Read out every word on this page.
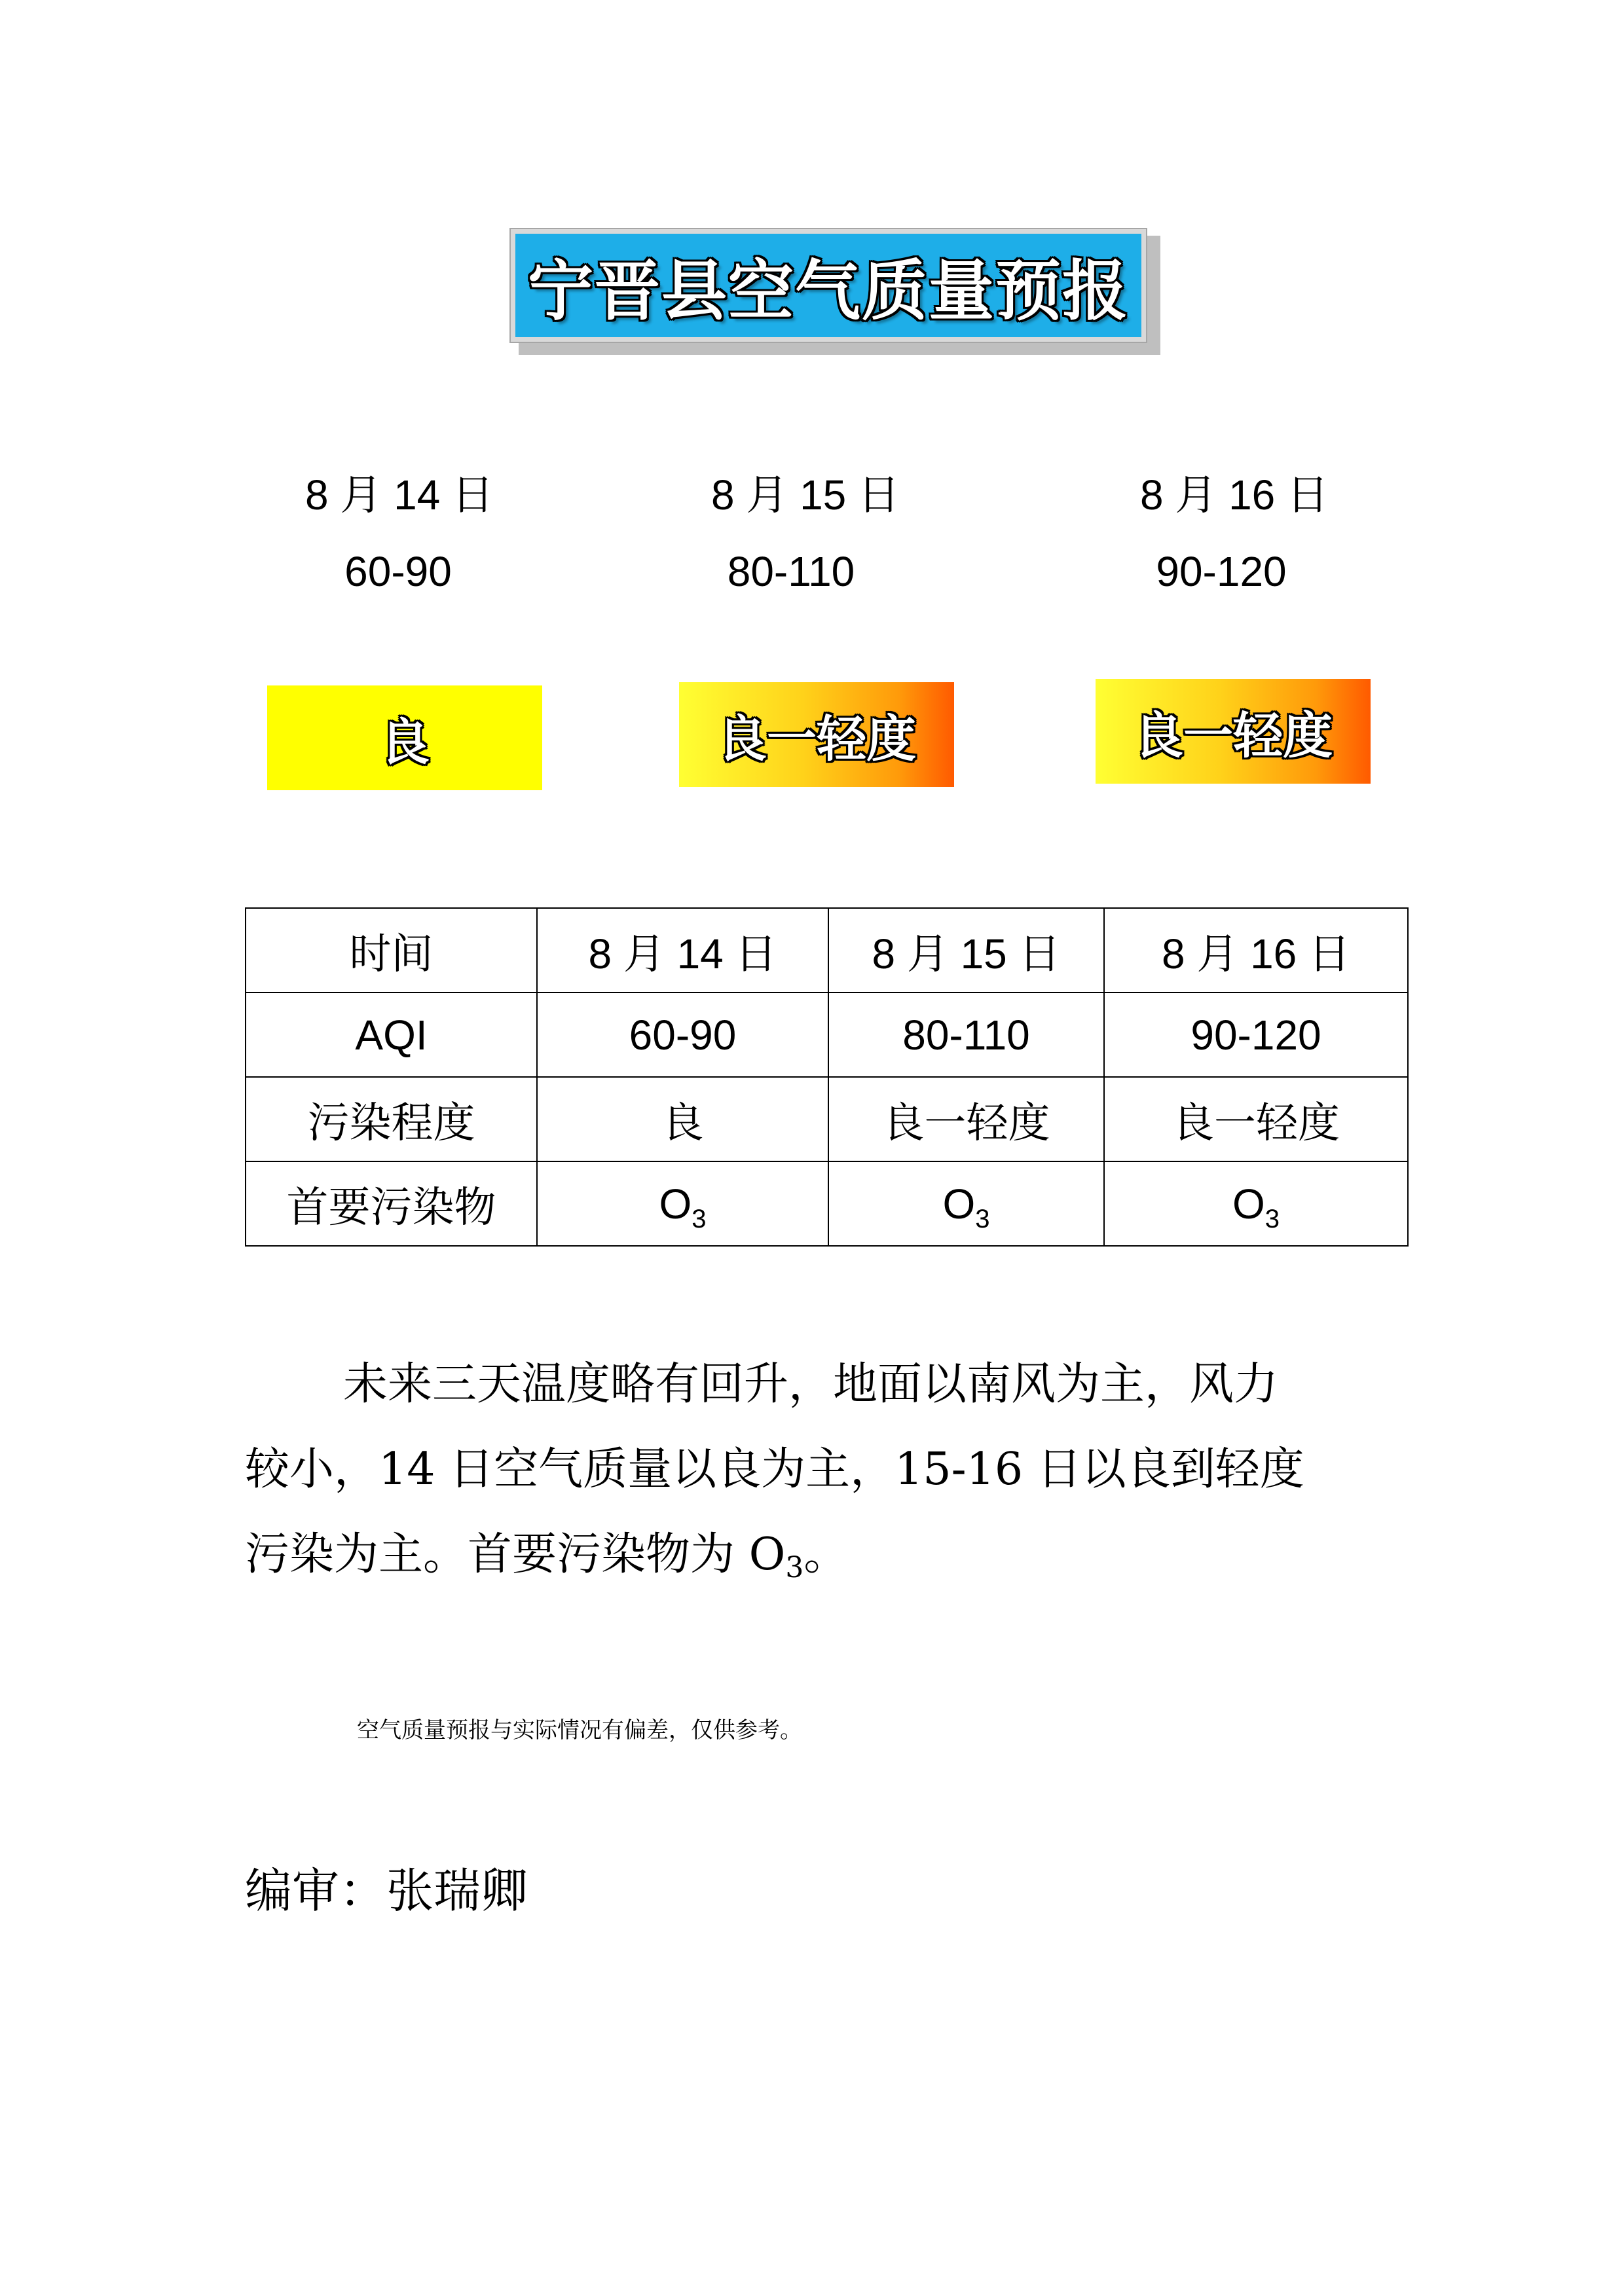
宁晋县空气质量预报
8 月 14 日	8 月 15 日	8 月 16 日
60-90	80-110	90-120
良	良一轻度	良一轻度
时间	8 月 14 日	8 月 15 日	8 月 16 日
AQI	60-90	80-110	90-120
污染程度	良	良一轻度	良一轻度
首要污染物	$O_3$	$O_3$	$O_3$
未来三天温度略有回升，地面以南风为主，风力
较小，14 日空气质量以良为主，15-16 日以良到轻度
污染为主。首要污染物为 $O_3$。
空气质量预报与实际情况有偏差，仅供参考。
编审：张瑞卿
